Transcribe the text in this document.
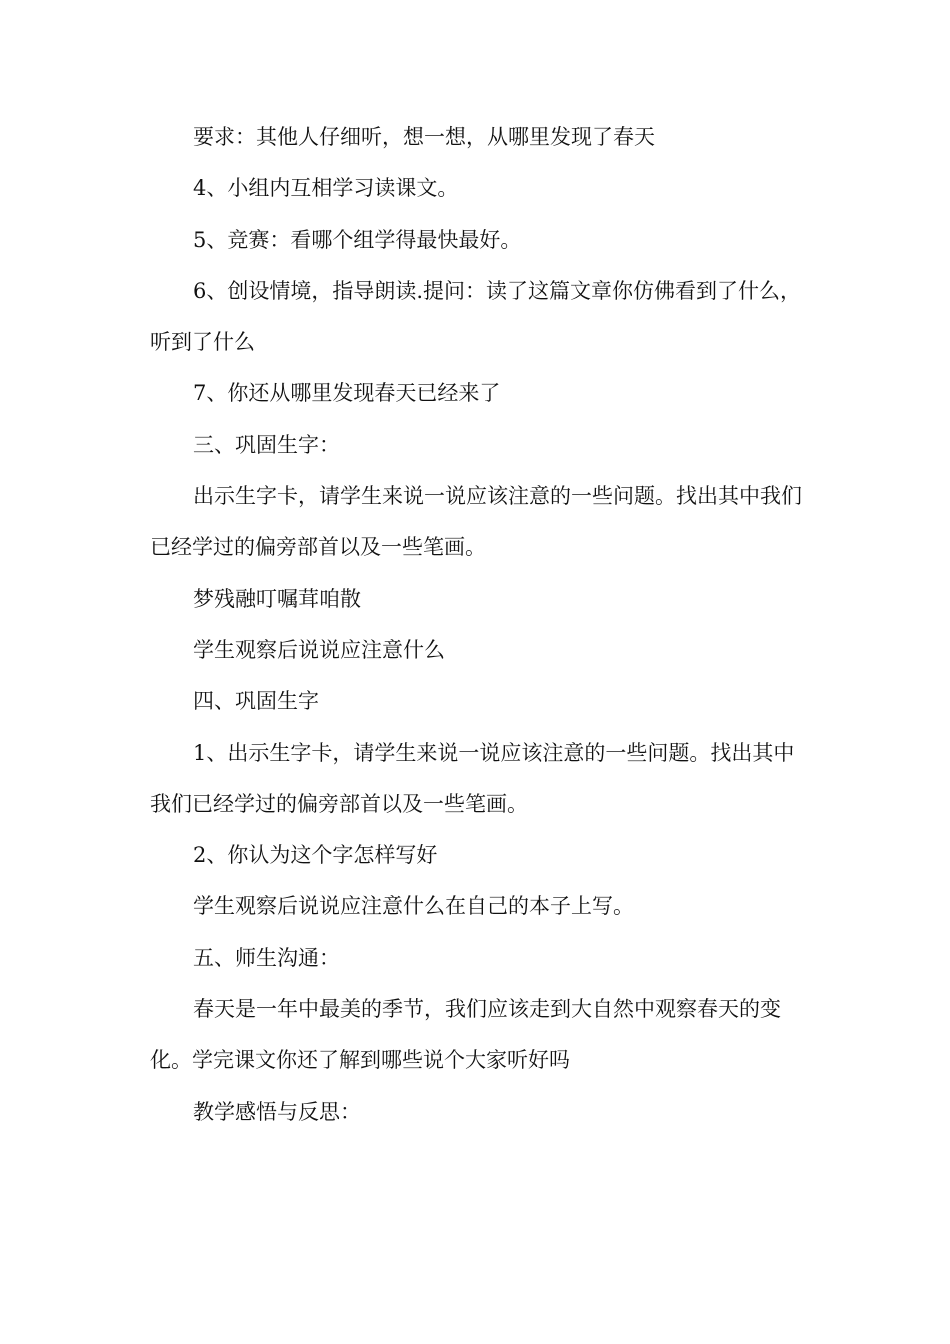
要求：其他人仔细听，想一想，从哪里发现了春天

4、小组内互相学习读课文。

5、竞赛：看哪个组学得最快最好。

6、创设情境，指导朗读.提问：读了这篇文章你仿佛看到了什么，听到了什么

7、你还从哪里发现春天已经来了

三、巩固生字：

出示生字卡，请学生来说一说应该注意的一些问题。找出其中我们已经学过的偏旁部首以及一些笔画。

梦残融叮嘱茸咱散

学生观察后说说应注意什么

四、巩固生字

1、出示生字卡，请学生来说一说应该注意的一些问题。找出其中我们已经学过的偏旁部首以及一些笔画。

2、你认为这个字怎样写好

学生观察后说说应注意什么在自己的本子上写。

五、师生沟通：

春天是一年中最美的季节，我们应该走到大自然中观察春天的变化。学完课文你还了解到哪些说个大家听好吗

教学感悟与反思：
